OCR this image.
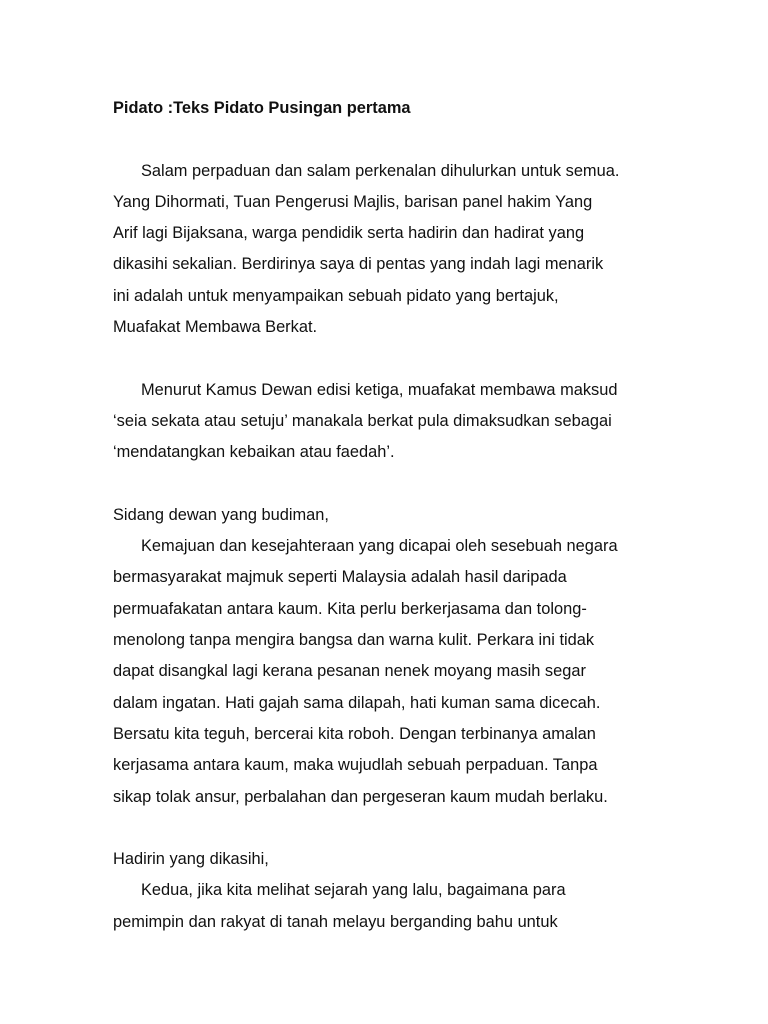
Pidato :Teks Pidato Pusingan pertama
Salam perpaduan dan salam perkenalan dihulurkan untuk semua.
Yang Dihormati, Tuan Pengerusi Majlis, barisan panel hakim Yang
Arif lagi Bijaksana, warga pendidik serta hadirin dan hadirat yang
dikasihi sekalian. Berdirinya saya di pentas yang indah lagi menarik
ini adalah untuk menyampaikan sebuah pidato yang bertajuk,
Muafakat Membawa Berkat.
Menurut Kamus Dewan edisi ketiga, muafakat membawa maksud
‘seia sekata atau setuju’ manakala berkat pula dimaksudkan sebagai
‘mendatangkan kebaikan atau faedah’.
Sidang dewan yang budiman,
Kemajuan dan kesejahteraan yang dicapai oleh sesebuah negara
bermasyarakat majmuk seperti Malaysia adalah hasil daripada
permuafakatan antara kaum. Kita perlu berkerjasama dan tolong-
menolong tanpa mengira bangsa dan warna kulit. Perkara ini tidak
dapat disangkal lagi kerana pesanan nenek moyang masih segar
dalam ingatan. Hati gajah sama dilapah, hati kuman sama dicecah.
Bersatu kita teguh, bercerai kita roboh. Dengan terbinanya amalan
kerjasama antara kaum, maka wujudlah sebuah perpaduan. Tanpa
sikap tolak ansur, perbalahan dan pergeseran kaum mudah berlaku.
Hadirin yang dikasihi,
Kedua, jika kita melihat sejarah yang lalu, bagaimana para
pemimpin dan rakyat di tanah melayu berganding bahu untuk
